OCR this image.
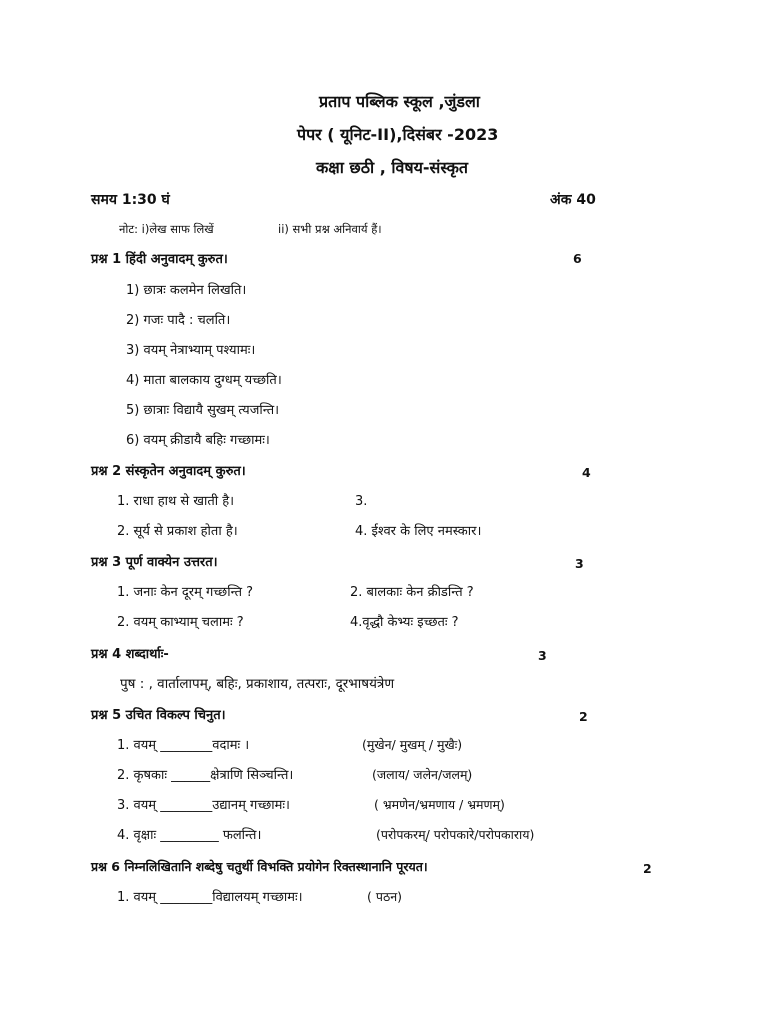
प्रताप पब्लिक स्कूल ,जुंडला
पेपर ( यूनिट-II),दिसंबर -2023
कक्षा छठी , विषय-संस्कृत
समय 1:30 घं	अंक 40
नोट: i)लेख साफ लिखें	ii) सभी प्रश्न अनिवार्य हैं।
प्रश्न 1 हिंदी अनुवादम् कुरुत।	6
1) छात्रः कलमेन लिखति।
2) गजः पादै : चलति।
3) वयम् नेत्राभ्याम् पश्यामः।
4) माता बालकाय दुग्धम् यच्छति।
5) छात्राः विद्यायै सुखम् त्यजन्ति।
6) वयम् क्रीडायै बहिः गच्छामः।
प्रश्न 2 संस्कृतेन अनुवादम् कुरुत।	4
1. राधा हाथ से खाती है।	3.
2. सूर्य से प्रकाश होता है।	4. ईश्वर के लिए नमस्कार।
प्रश्न 3 पूर्ण वाक्येन उत्तरत।	3
1. जनाः केन दूरम् गच्छन्ति ?	2. बालकाः केन क्रीडन्ति ?
2. वयम् काभ्याम् चलामः ?	4.वृद्धौ केभ्यः इच्छतः ?
प्रश्न 4 शब्दार्थाः-	3
पुष : , वार्तालापम्, बहिः, प्रकाशाय, तत्पराः, दूरभाषयंत्रेण
प्रश्न 5 उचित विकल्प चिनुत।	2
1. वयम् ________वदामः ।	(मुखेन/ मुखम् / मुखैः)
2. कृषकाः ______क्षेत्राणि सिञ्चन्ति।	(जलाय/ जलेन/जलम्)
3. वयम् ________उद्यानम् गच्छामः।	( भ्रमणेन/भ्रमणाय / भ्रमणम्)
4. वृक्षाः _________ फलन्ति।	(परोपकरम्/ परोपकारे/परोपकाराय)
प्रश्न 6 निम्नलिखितानि शब्देषु चतुर्थी विभक्ति प्रयोगेन रिक्तस्थानानि पूरयत।	2
1. वयम् ________विद्यालयम् गच्छामः।	( पठन)
